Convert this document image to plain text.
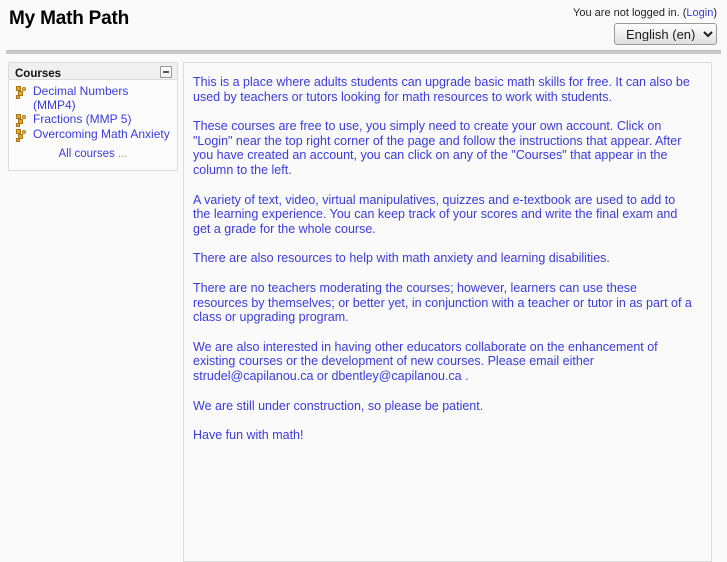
My Math Path	You are not logged in. (Login)
English (en)
Courses
Decimal Numbers (MMP4)
Fractions (MMP 5)
Overcoming Math Anxiety
All courses ...

This is a place where adults students can upgrade basic math skills for free. It can also be used by teachers or tutors looking for math resources to work with students.

These courses are free to use, you simply need to create your own account. Click on "Login" near the top right corner of the page and follow the instructions that appear. After you have created an account, you can click on any of the "Courses" that appear in the column to the left.

A variety of text, video, virtual manipulatives, quizzes and e-textbook are used to add to the learning experience. You can keep track of your scores and write the final exam and get a grade for the whole course.

There are also resources to help with math anxiety and learning disabilities.

There are no teachers moderating the courses; however, learners can use these resources by themselves; or better yet, in conjunction with a teacher or tutor in as part of a class or upgrading program.

We are also interested in having other educators collaborate on the enhancement of existing courses or the development of new courses. Please email either strudel@capilanou.ca or dbentley@capilanou.ca .

We are still under construction, so please be patient.

Have fun with math!
